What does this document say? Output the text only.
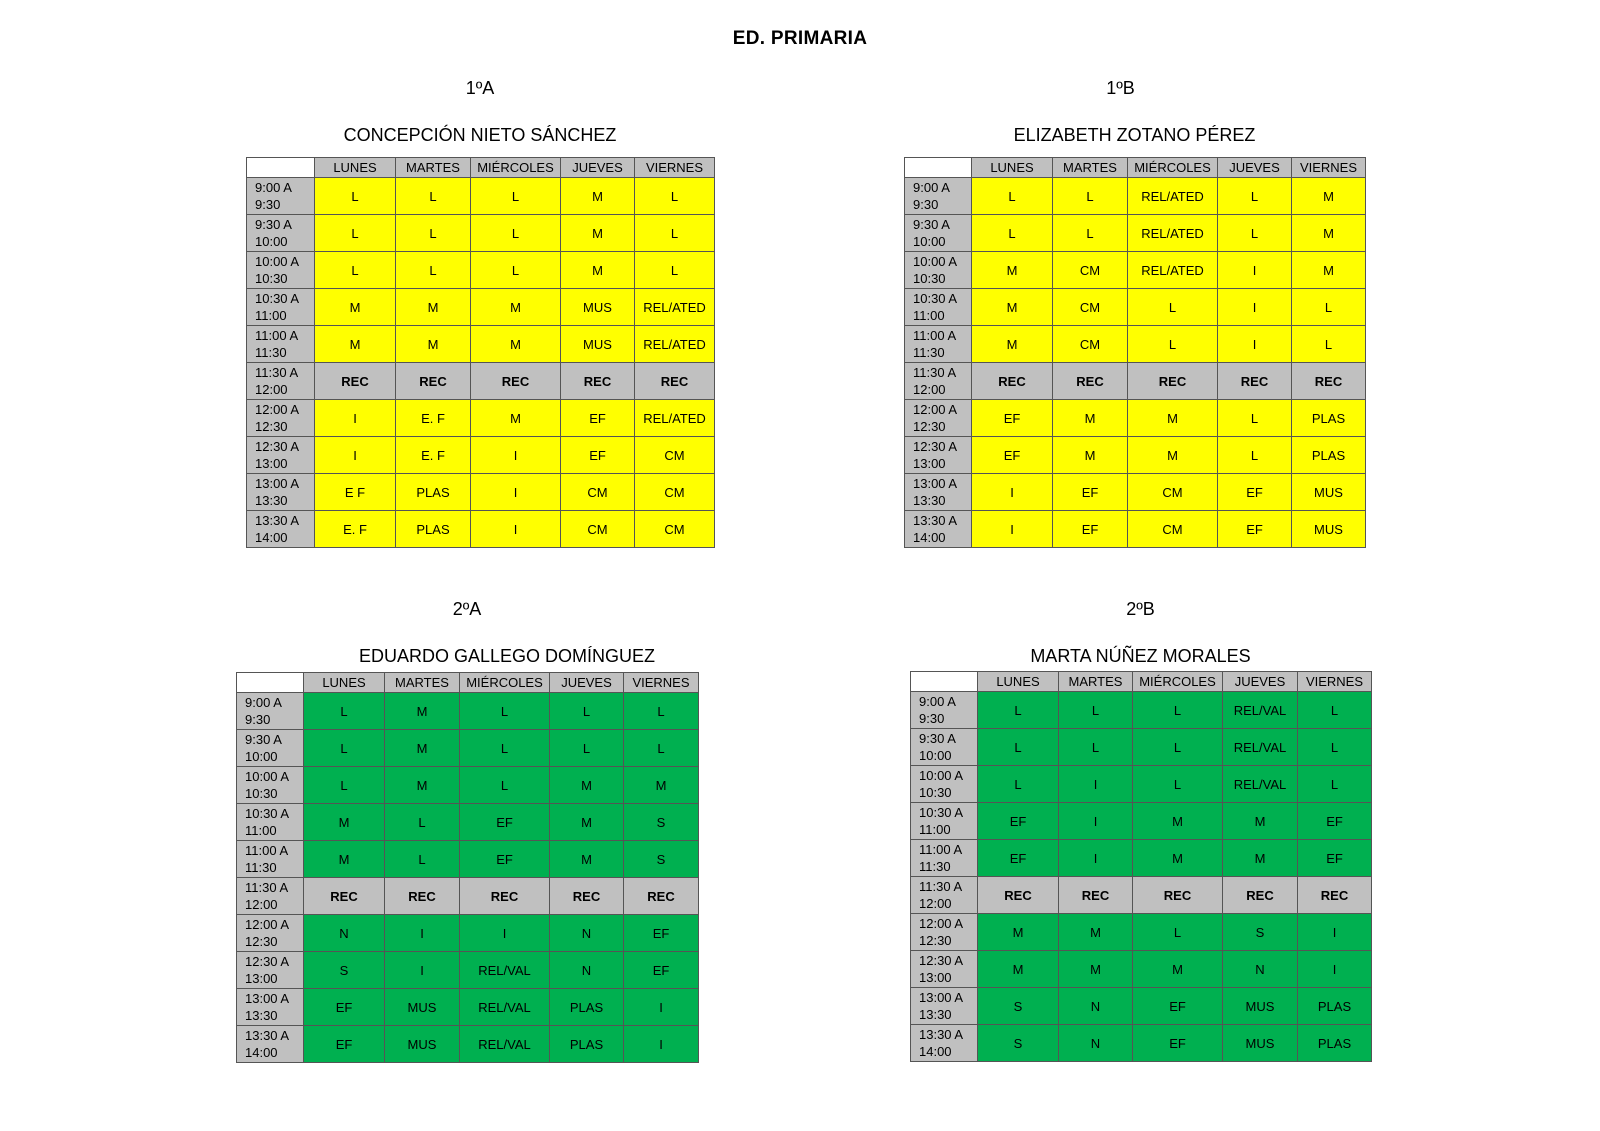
ED. PRIMARIA
1ºA
CONCEPCIÓN NIETO SÁNCHEZ
	LUNES	MARTES	MIÉRCOLES	JUEVES	VIERNES

9:00 A
9:30	L	L	L	M	L

9:30 A
10:00	L	L	L	M	L

10:00 A
10:30	L	L	L	M	L

10:30 A
11:00	M	M	M	MUS	REL/ATED

11:00 A
11:30	M	M	M	MUS	REL/ATED

11:30 A
12:00	REC	REC	REC	REC	REC

12:00 A
12:30	I	E. F	M	EF	REL/ATED

12:30 A
13:00	I	E. F	I	EF	CM

13:00 A
13:30	E F	PLAS	I	CM	CM

13:30 A
14:00	E. F	PLAS	I	CM	CM
1ºB
ELIZABETH ZOTANO PÉREZ
	LUNES	MARTES	MIÉRCOLES	JUEVES	VIERNES

9:00 A
9:30	L	L	REL/ATED	L	M

9:30 A
10:00	L	L	REL/ATED	L	M

10:00 A
10:30	M	CM	REL/ATED	I	M

10:30 A
11:00	M	CM	L	I	L

11:00 A
11:30	M	CM	L	I	L

11:30 A
12:00	REC	REC	REC	REC	REC

12:00 A
12:30	EF	M	M	L	PLAS

12:30 A
13:00	EF	M	M	L	PLAS

13:00 A
13:30	I	EF	CM	EF	MUS

13:30 A
14:00	I	EF	CM	EF	MUS
2ºA
EDUARDO GALLEGO DOMÍNGUEZ
	LUNES	MARTES	MIÉRCOLES	JUEVES	VIERNES

9:00 A
9:30	L	M	L	L	L

9:30 A
10:00	L	M	L	L	L

10:00 A
10:30	L	M	L	M	M

10:30 A
11:00	M	L	EF	M	S

11:00 A
11:30	M	L	EF	M	S

11:30 A
12:00	REC	REC	REC	REC	REC

12:00 A
12:30	N	I	I	N	EF

12:30 A
13:00	S	I	REL/VAL	N	EF

13:00 A
13:30	EF	MUS	REL/VAL	PLAS	I

13:30 A
14:00	EF	MUS	REL/VAL	PLAS	I
2ºB
MARTA NÚÑEZ MORALES
	LUNES	MARTES	MIÉRCOLES	JUEVES	VIERNES

9:00 A
9:30	L	L	L	REL/VAL	L

9:30 A
10:00	L	L	L	REL/VAL	L

10:00 A
10:30	L	I	L	REL/VAL	L

10:30 A
11:00	EF	I	M	M	EF

11:00 A
11:30	EF	I	M	M	EF

11:30 A
12:00	REC	REC	REC	REC	REC

12:00 A
12:30	M	M	L	S	I

12:30 A
13:00	M	M	M	N	I

13:00 A
13:30	S	N	EF	MUS	PLAS

13:30 A
14:00	S	N	EF	MUS	PLAS
